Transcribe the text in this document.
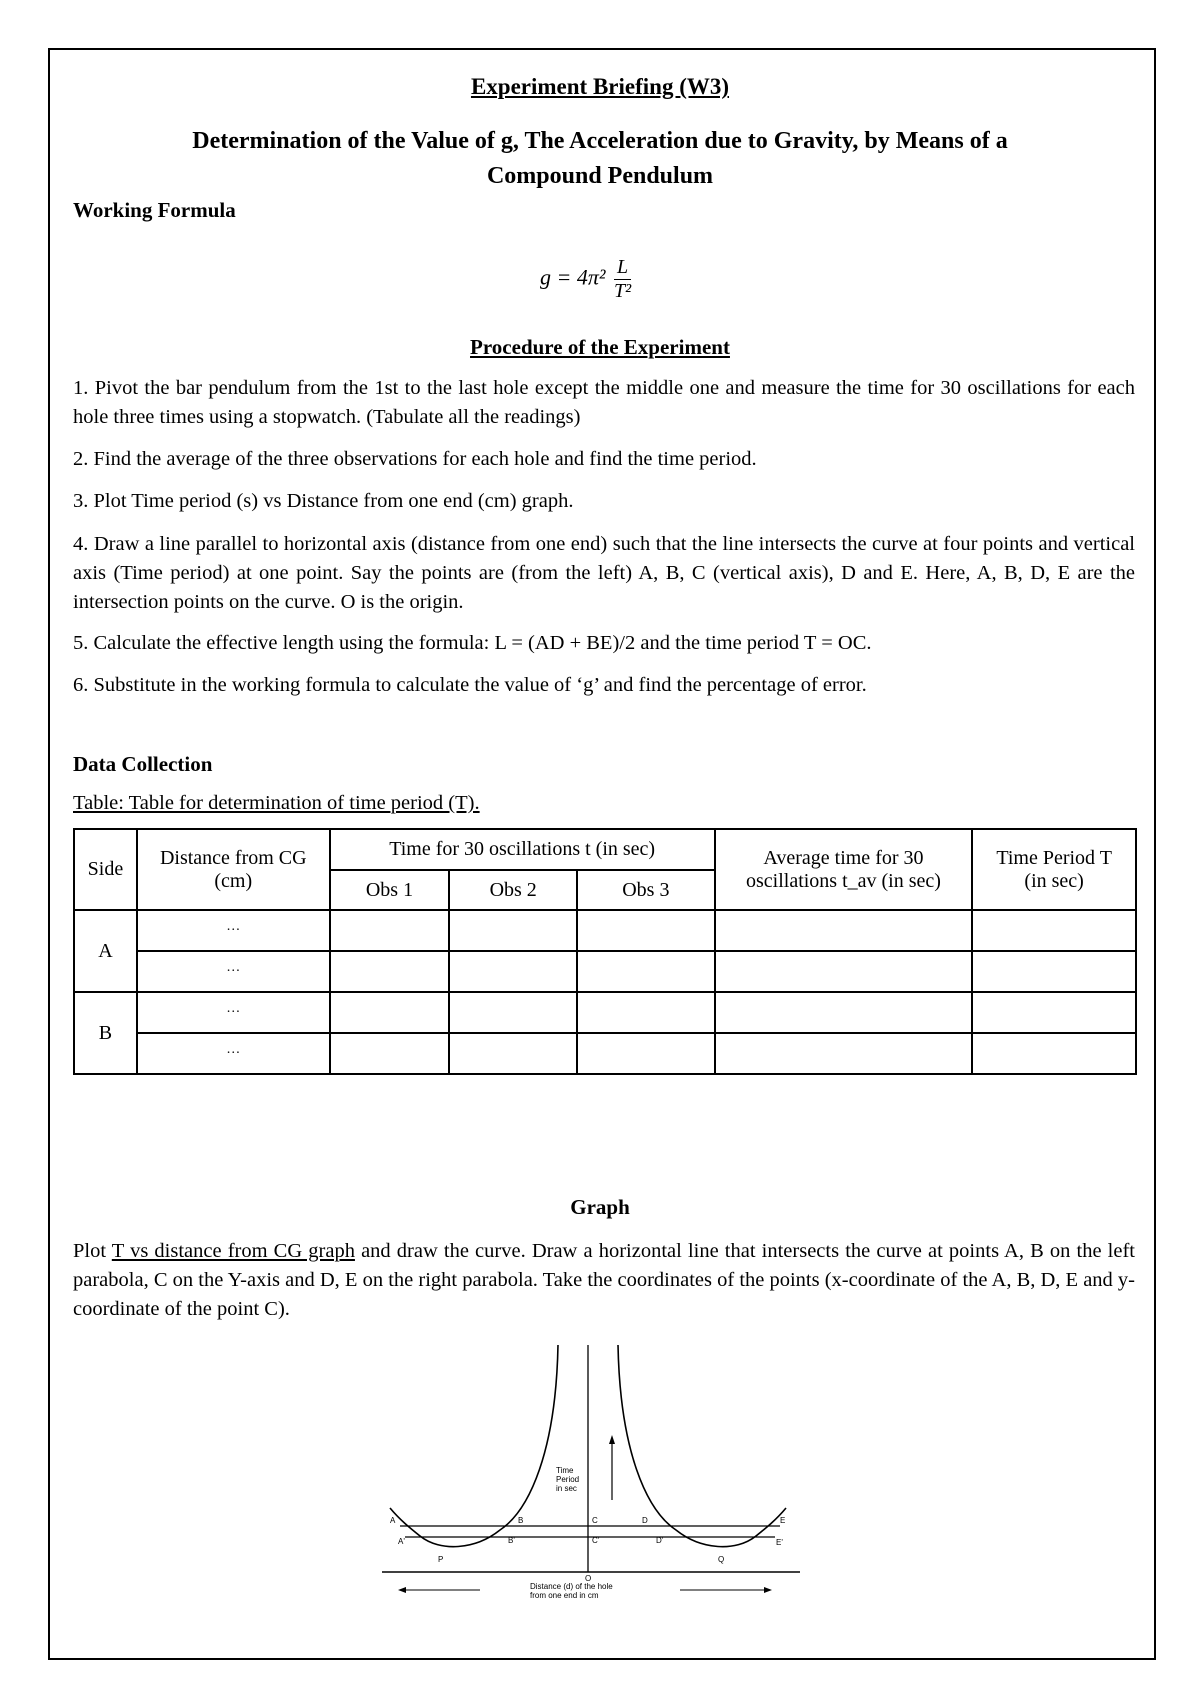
Experiment Briefing (W3)
Determination of the Value of g, The Acceleration due to Gravity, by Means of a
Compound Pendulum
Working Formula
$g = 4\pi^2 \frac{L}{\text{T²}}$
Procedure of the Experiment
1. Pivot the bar pendulum from the 1st to the last hole except the middle one and measure the time for 30 oscillations for each hole three times using a stopwatch. (Tabulate all the readings)
2. Find the average of the three observations for each hole and find the time period.
3. Plot Time period (s) vs Distance from one end (cm) graph.
4. Draw a line parallel to horizontal axis (distance from one end) such that the line intersects the curve at four points and vertical axis (Time period) at one point. Say the points are (from the left) A, B, C (vertical axis), D and E. Here, A, B, D, E are the intersection points on the curve. O is the origin.
5. Calculate the effective length using the formula: L = (AD + BE)/2 and the time period T = OC.
6. Substitute in the working formula to calculate the value of ‘g’ and find the percentage of error.
Data Collection
Table: Table for determination of time period (T).
Side	Distance from CG (cm)	Time for 30 oscillations t (in sec)			Average time for 30 oscillations t_av (in sec)	Time Period T (in sec)
		Obs 1	Obs 2	Obs 3		
A	…					
	…					
B	…					
	…					
Graph
Plot T vs distance from CG graph and draw the curve. Draw a horizontal line that intersects the curve at points A, B on the left parabola, C on the Y-axis and D, E on the right parabola. Take the coordinates of the points (x-coordinate of the A, B, D, E and y-coordinate of the point C).
A	B	C	D	E
A'	B'	C'	D'	E'
P	Q
O
Time
Period
in sec
Distance (d) of the hole
from one end in cm
